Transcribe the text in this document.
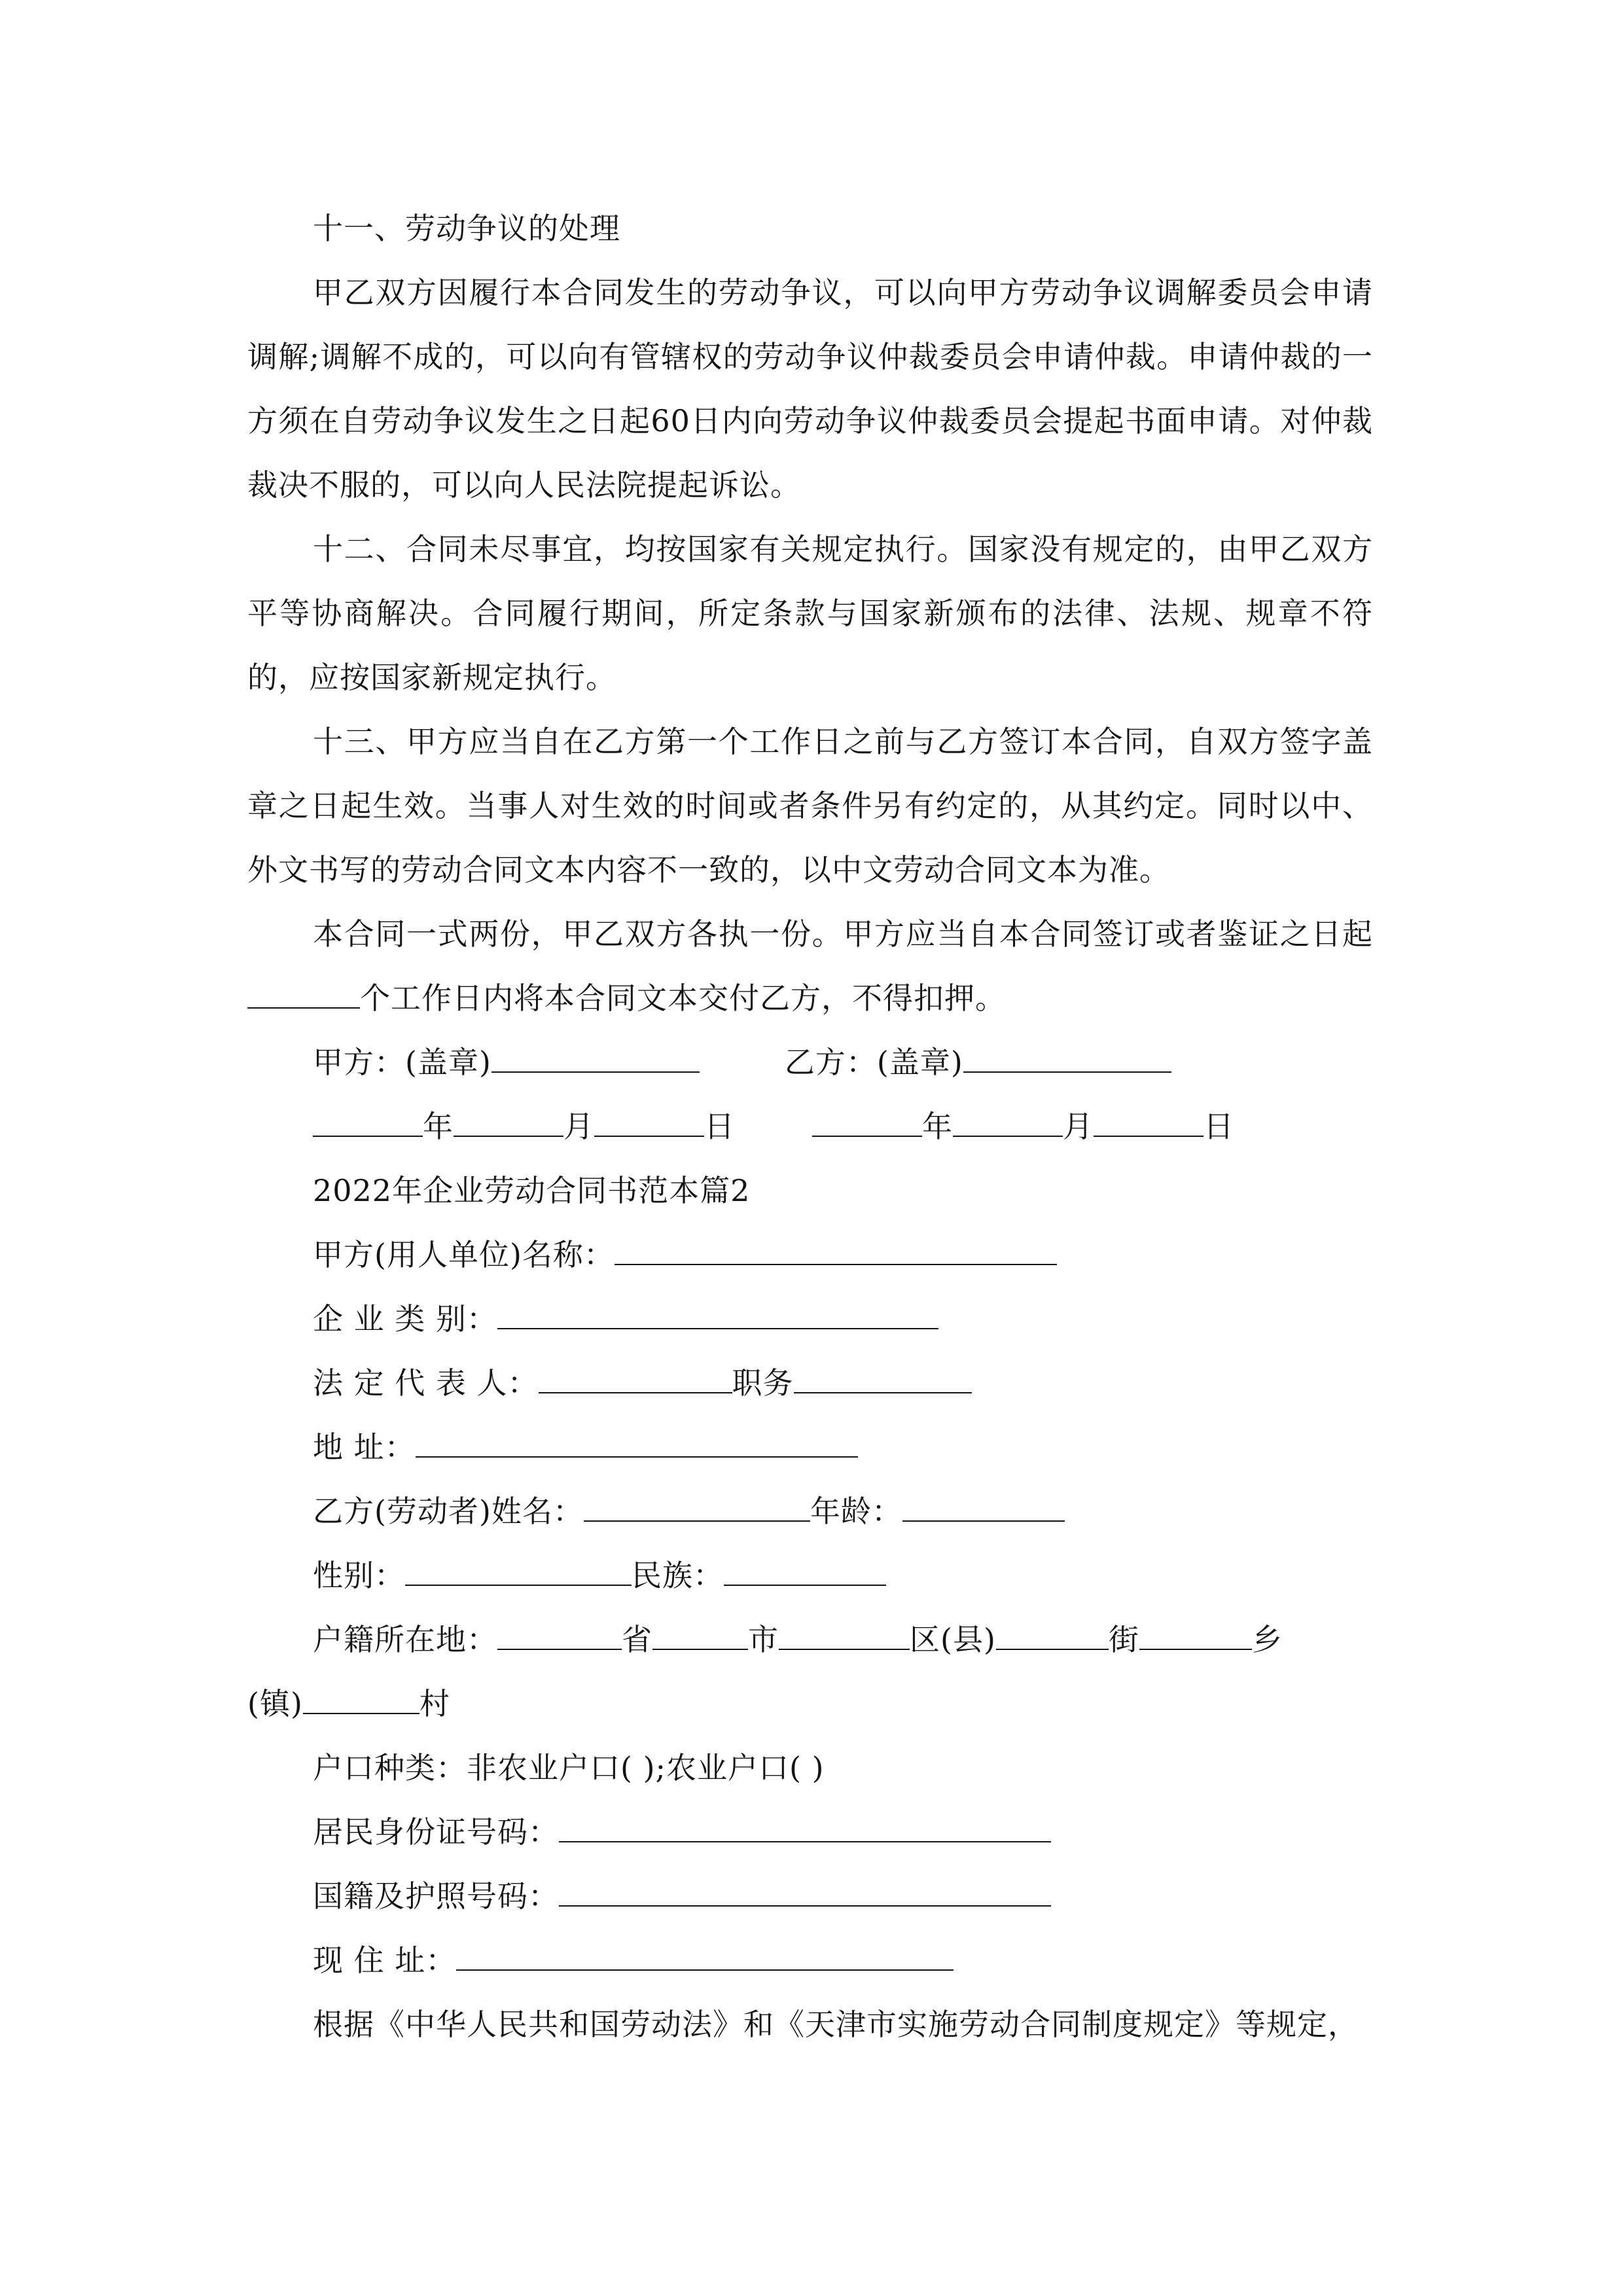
十一、劳动争议的处理

甲乙双方因履行本合同发生的劳动争议，可以向甲方劳动争议调解委员会申请调解;调解不成的，可以向有管辖权的劳动争议仲裁委员会申请仲裁。申请仲裁的一方须在自劳动争议发生之日起60日内向劳动争议仲裁委员会提起书面申请。对仲裁裁决不服的，可以向人民法院提起诉讼。

十二、合同未尽事宜，均按国家有关规定执行。国家没有规定的，由甲乙双方平等协商解决。合同履行期间，所定条款与国家新颁布的法律、法规、规章不符的，应按国家新规定执行。

十三、甲方应当自在乙方第一个工作日之前与乙方签订本合同，自双方签字盖章之日起生效。当事人对生效的时间或者条件另有约定的，从其约定。同时以中、外文书写的劳动合同文本内容不一致的，以中文劳动合同文本为准。

本合同一式两份，甲乙双方各执一份。甲方应当自本合同签订或者鉴证之日起个工作日内将本合同文本交付乙方，不得扣押。

甲方：(盖章)	乙方：(盖章)

年	月	日	年	月	日

2022年企业劳动合同书范本篇2

甲方(用人单位)名称：

企 业 类 别：

法 定 代 表 人：	职务

地 址：

乙方(劳动者)姓名：	年龄：

性别：	民族：

户籍所在地：	省	市	区(县)	街	乡

(镇)	村

户口种类：非农业户口( );农业户口( )

居民身份证号码：

国籍及护照号码：

现 住 址：

根据《中华人民共和国劳动法》和《天津市实施劳动合同制度规定》等规定，
